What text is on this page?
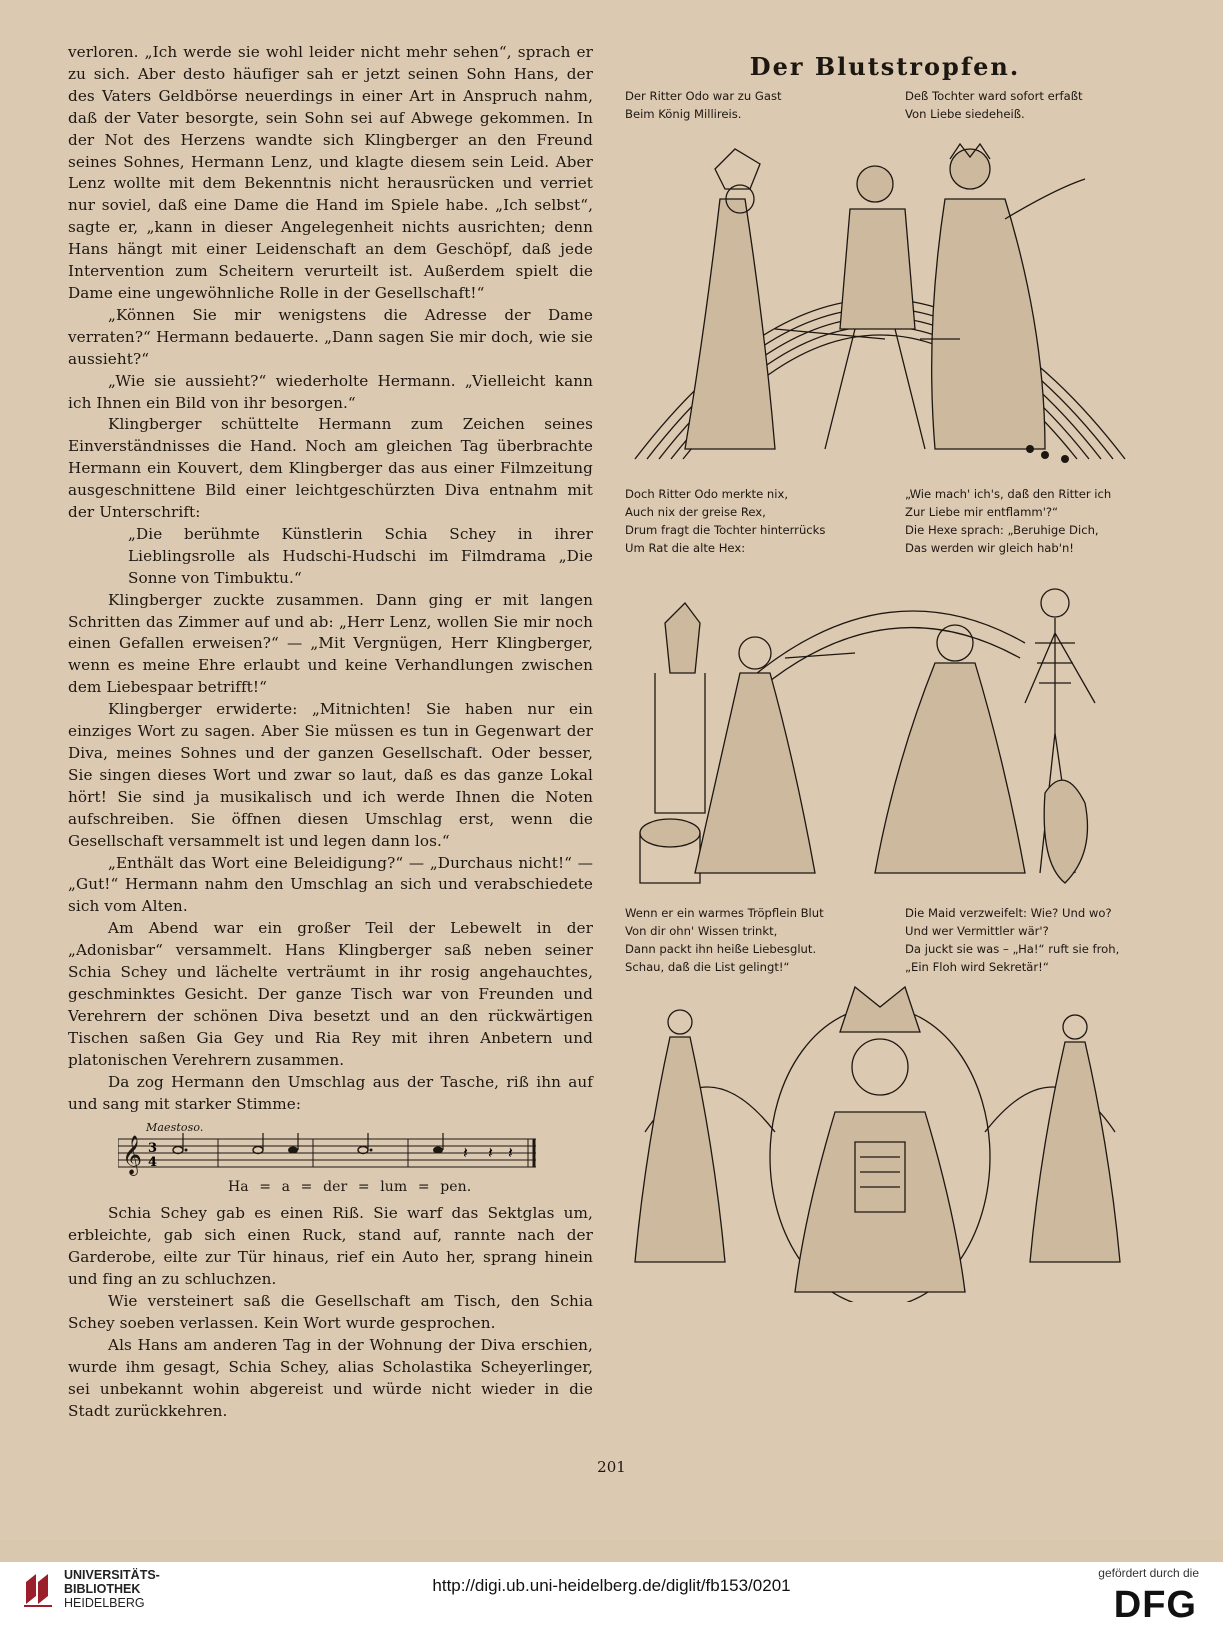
verloren. „Ich werde sie wohl leider nicht mehr sehen“, sprach er zu sich. Aber desto häufiger sah er jetzt seinen Sohn Hans, der des Vaters Geldbörse neuerdings in einer Art in Anspruch nahm, daß der Vater besorgte, sein Sohn sei auf Abwege gekommen. In der Not des Herzens wandte sich Klingberger an den Freund seines Sohnes, Hermann Lenz, und klagte diesem sein Leid. Aber Lenz wollte mit dem Bekenntnis nicht herausrücken und verriet nur soviel, daß eine Dame die Hand im Spiele habe. „Ich selbst“, sagte er, „kann in dieser Angelegenheit nichts ausrichten; denn Hans hängt mit einer Leidenschaft an dem Geschöpf, daß jede Intervention zum Scheitern verurteilt ist. Außerdem spielt die Dame eine ungewöhnliche Rolle in der Gesellschaft!“

„Können Sie mir wenigstens die Adresse der Dame verraten?“ Hermann bedauerte. „Dann sagen Sie mir doch, wie sie aussieht?“

„Wie sie aussieht?“ wiederholte Hermann. „Vielleicht kann ich Ihnen ein Bild von ihr besorgen.“

Klingberger schüttelte Hermann zum Zeichen seines Einverständnisses die Hand. Noch am gleichen Tag überbrachte Hermann ein Kouvert, dem Klingberger das aus einer Filmzeitung ausgeschnittene Bild einer leichtgeschürzten Diva entnahm mit der Unterschrift:

„Die berühmte Künstlerin Schia Schey in ihrer Lieblingsrolle als Hudschi-Hudschi im Filmdrama „Die Sonne von Timbuktu.“

Klingberger zuckte zusammen. Dann ging er mit langen Schritten das Zimmer auf und ab: „Herr Lenz, wollen Sie mir noch einen Gefallen erweisen?“ — „Mit Vergnügen, Herr Klingberger, wenn es meine Ehre erlaubt und keine Verhandlungen zwischen dem Liebespaar betrifft!“

Klingberger erwiderte: „Mitnichten! Sie haben nur ein einziges Wort zu sagen. Aber Sie müssen es tun in Gegenwart der Diva, meines Sohnes und der ganzen Gesellschaft. Oder besser, Sie singen dieses Wort und zwar so laut, daß es das ganze Lokal hört! Sie sind ja musikalisch und ich werde Ihnen die Noten aufschreiben. Sie öffnen diesen Umschlag erst, wenn die Gesellschaft versammelt ist und legen dann los.“

„Enthält das Wort eine Beleidigung?“ — „Durchaus nicht!“ — „Gut!“ Hermann nahm den Umschlag an sich und verabschiedete sich vom Alten.

Am Abend war ein großer Teil der Lebewelt in der „Adonisbar“ versammelt. Hans Klingberger saß neben seiner Schia Schey und lächelte verträumt in ihr rosig angehauchtes, geschminktes Gesicht. Der ganze Tisch war von Freunden und Verehrern der schönen Diva besetzt und an den rückwärtigen Tischen saßen Gia Gey und Ria Rey mit ihren Anbetern und platonischen Verehrern zusammen.

Da zog Hermann den Umschlag aus der Tasche, riß ihn auf und sang mit starker Stimme:

Maestoso.
𝄞 3
4
𝄽 𝄽 𝄽
Ha = a = der = lum = pen.

Schia Schey gab es einen Riß. Sie warf das Sektglas um, erbleichte, gab sich einen Ruck, stand auf, rannte nach der Garderobe, eilte zur Tür hinaus, rief ein Auto her, sprang hinein und fing an zu schluchzen.

Wie versteinert saß die Gesellschaft am Tisch, den Schia Schey soeben verlassen. Kein Wort wurde gesprochen.

Als Hans am anderen Tag in der Wohnung der Diva erschien, wurde ihm gesagt, Schia Schey, alias Scholastika Scheyerlinger, sei unbekannt wohin abgereist und würde nicht wieder in die Stadt zurückkehren.

Der Blutstropfen.
Der Ritter Odo war zu Gast
Beim König Millireis.
Deß Tochter ward sofort erfaßt
Von Liebe siedeheiß.
Doch Ritter Odo merkte nix,
Auch nix der greise Rex,
Drum fragt die Tochter hinterrücks
Um Rat die alte Hex:
„Wie mach' ich's, daß den Ritter ich
Zur Liebe mir entflamm'?“
Die Hexe sprach: „Beruhige Dich,
Das werden wir gleich hab'n!
Wenn er ein warmes Tröpflein Blut
Von dir ohn' Wissen trinkt,
Dann packt ihn heiße Liebesglut.
Schau, daß die List gelingt!“
Die Maid verzweifelt: Wie? Und wo?
Und wer Vermittler wär'?
Da juckt sie was – „Ha!“ ruft sie froh,
„Ein Floh wird Sekretär!“
201
UNIVERSITÄTS-
BIBLIOTHEK
HEIDELBERG
http://digi.ub.uni-heidelberg.de/diglit/fb153/0201
gefördert durch die
DFG
